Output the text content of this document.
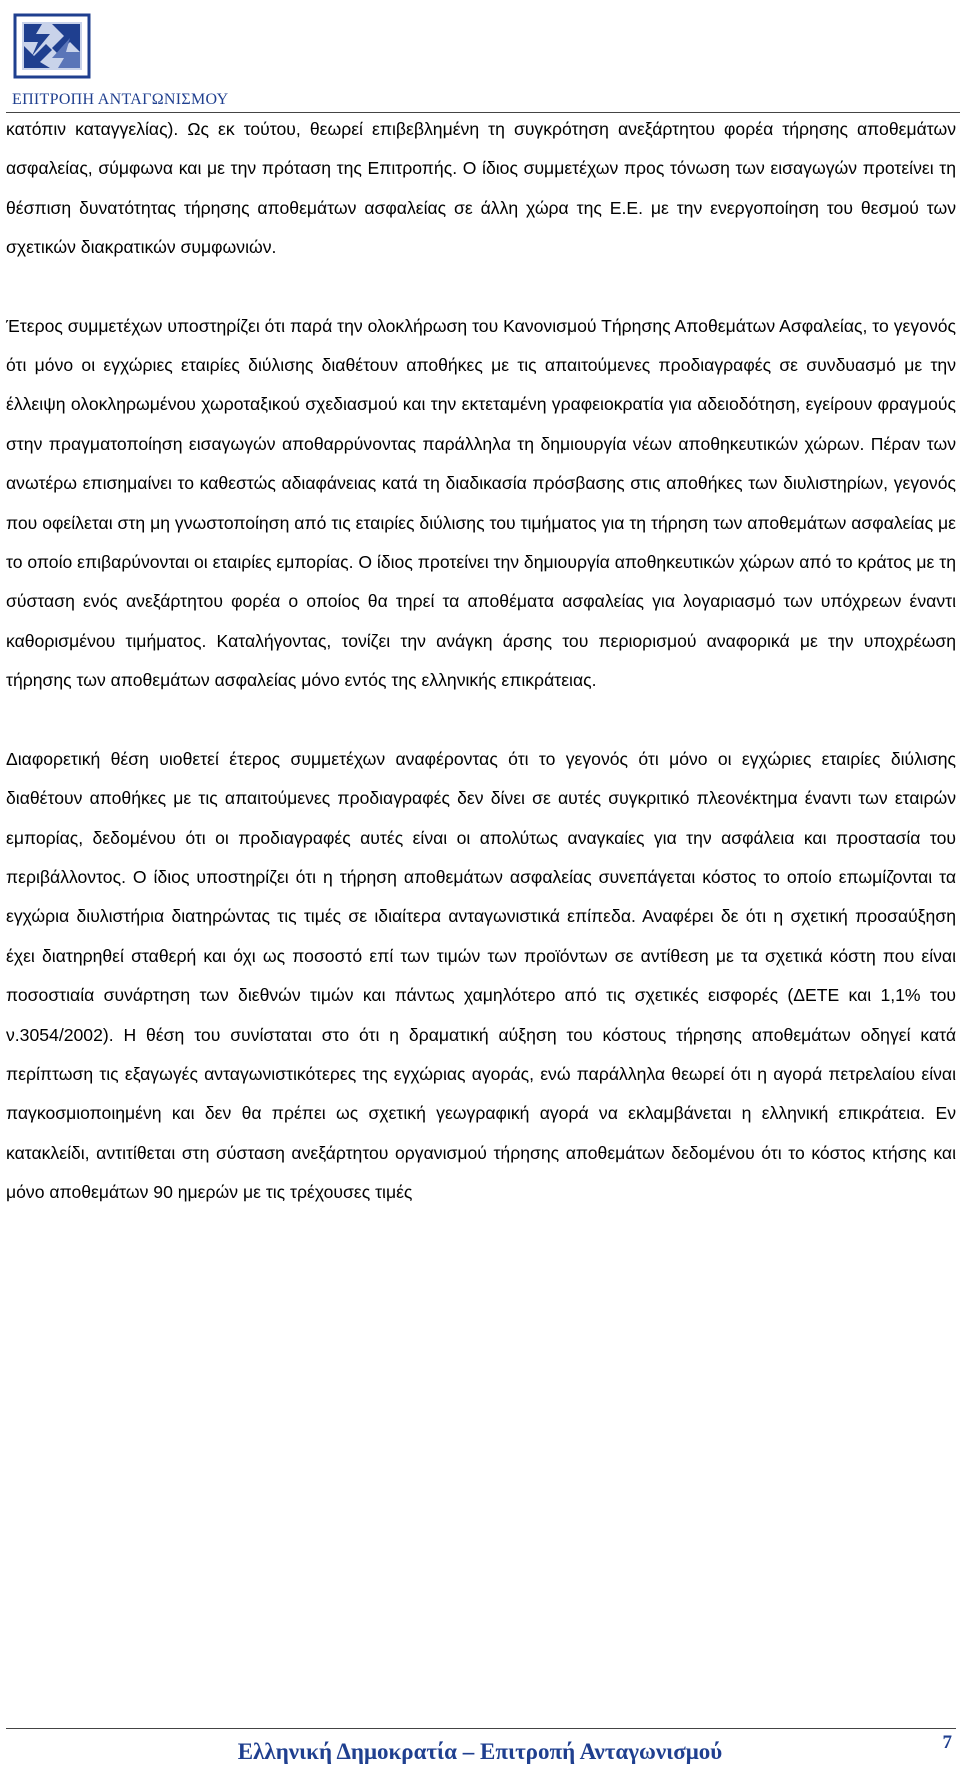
ΕΠΙΤΡΟΠΗ ΑΝΤΑΓΩΝΙΣΜΟΥ

κατόπιν καταγγελίας). Ως εκ τούτου, θεωρεί επιβεβλημένη τη συγκρότηση ανεξάρτητου φορέα τήρησης αποθεμάτων ασφαλείας, σύμφωνα και με την πρόταση της Επιτροπής. Ο ίδιος συμμετέχων προς τόνωση των εισαγωγών προτείνει τη θέσπιση δυνατότητας τήρησης αποθεμάτων ασφαλείας σε άλλη χώρα της Ε.Ε. με την ενεργοποίηση του θεσμού των σχετικών διακρατικών συμφωνιών.

Έτερος συμμετέχων υποστηρίζει ότι παρά την ολοκλήρωση του Κανονισμού Τήρησης Αποθεμάτων Ασφαλείας, το γεγονός ότι μόνο οι εγχώριες εταιρίες διύλισης διαθέτουν αποθήκες με τις απαιτούμενες προδιαγραφές σε συνδυασμό με την έλλειψη ολοκληρωμένου χωροταξικού σχεδιασμού και την εκτεταμένη γραφειοκρατία για αδειοδότηση, εγείρουν φραγμούς στην πραγματοποίηση εισαγωγών αποθαρρύνοντας παράλληλα τη δημιουργία νέων αποθηκευτικών χώρων. Πέραν των ανωτέρω επισημαίνει το καθεστώς αδιαφάνειας κατά τη διαδικασία πρόσβασης στις αποθήκες των διυλιστηρίων, γεγονός που οφείλεται στη μη γνωστοποίηση από τις εταιρίες διύλισης του τιμήματος για τη τήρηση των αποθεμάτων ασφαλείας με το οποίο επιβαρύνονται οι εταιρίες εμπορίας. Ο ίδιος προτείνει την δημιουργία αποθηκευτικών χώρων από το κράτος με τη σύσταση ενός ανεξάρτητου φορέα ο οποίος θα τηρεί τα αποθέματα ασφαλείας για λογαριασμό των υπόχρεων έναντι καθορισμένου τιμήματος. Καταλήγοντας, τονίζει την ανάγκη άρσης του περιορισμού αναφορικά με την υποχρέωση τήρησης των αποθεμάτων ασφαλείας μόνο εντός της ελληνικής επικράτειας.

Διαφορετική θέση υιοθετεί έτερος συμμετέχων αναφέροντας ότι το γεγονός ότι μόνο οι εγχώριες εταιρίες διύλισης διαθέτουν αποθήκες με τις απαιτούμενες προδιαγραφές δεν δίνει σε αυτές συγκριτικό πλεονέκτημα έναντι των εταιρών εμπορίας, δεδομένου ότι οι προδιαγραφές αυτές είναι οι απολύτως αναγκαίες για την ασφάλεια και προστασία του περιβάλλοντος. Ο ίδιος υποστηρίζει ότι η τήρηση αποθεμάτων ασφαλείας συνεπάγεται κόστος το οποίο επωμίζονται τα εγχώρια διυλιστήρια διατηρώντας τις τιμές σε ιδιαίτερα ανταγωνιστικά επίπεδα. Αναφέρει δε ότι η σχετική προσαύξηση έχει διατηρηθεί σταθερή και όχι ως ποσοστό επί των τιμών των προϊόντων σε αντίθεση με τα σχετικά κόστη που είναι ποσοστιαία συνάρτηση των διεθνών τιμών και πάντως χαμηλότερο από τις σχετικές εισφορές (ΔΕΤΕ και 1,1% του ν.3054/2002). Η θέση του συνίσταται στο ότι η δραματική αύξηση του κόστους τήρησης αποθεμάτων οδηγεί κατά περίπτωση τις εξαγωγές ανταγωνιστικότερες της εγχώριας αγοράς, ενώ παράλληλα θεωρεί ότι η αγορά πετρελαίου είναι παγκοσμιοποιημένη και δεν θα πρέπει ως σχετική γεωγραφική αγορά να εκλαμβάνεται η ελληνική επικράτεια. Εν κατακλείδι, αντιτίθεται στη σύσταση ανεξάρτητου οργανισμού τήρησης αποθεμάτων δεδομένου ότι το κόστος κτήσης και μόνο αποθεμάτων 90 ημερών με τις τρέχουσες τιμές

Ελληνική Δημοκρατία – Επιτροπή Ανταγωνισμού	7
